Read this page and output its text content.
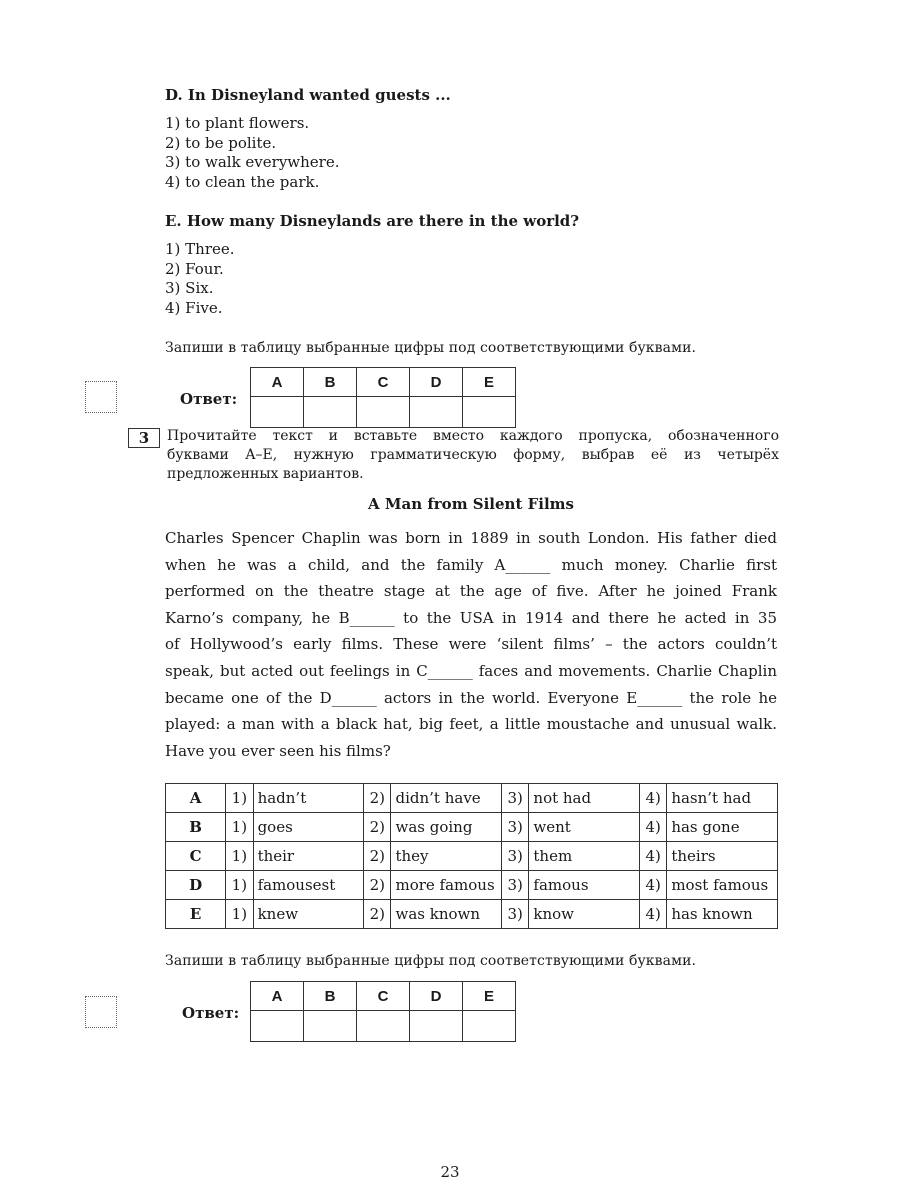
D. In Disneyland wanted guests ...
1) to plant flowers.
2) to be polite.
3) to walk everywhere.
4) to clean the park.
E. How many Disneylands are there in the world?
1) Three.
2) Four.
3) Six.
4) Five.
Запиши в таблицу выбранные цифры под соответствующими буквами.
Ответ:
A	B	C	D	E

3	Прочитайте текст и вставьте вместо каждого пропуска, обозначенного
буквами A–E, нужную грамматическую форму, выбрав её из четырёх
предложенных вариантов.
A Man from Silent Films
Charles Spencer Chaplin was born in 1889 in south London. His father died
when he was a child, and the family A______ much money. Charlie first
performed on the theatre stage at the age of five. After he joined Frank
Karno’s company, he B______ to the USA in 1914 and there he acted in 35
of Hollywood’s early films. These were ‘silent films’ – the actors couldn’t
speak, but acted out feelings in C______ faces and movements. Charlie Chaplin
became one of the D______ actors in the world. Everyone E______ the role he
played: a man with a black hat, big feet, a little moustache and unusual walk.
Have you ever seen his films?
A	1)	hadn’t	2)	didn’t have	3)	not had	4)	hasn’t had
B	1)	goes	2)	was going	3)	went	4)	has gone
C	1)	their	2)	they	3)	them	4)	theirs
D	1)	famousest	2)	more famous	3)	famous	4)	most famous
E	1)	knew	2)	was known	3)	know	4)	has known
Запиши в таблицу выбранные цифры под соответствующими буквами.
Ответ:
A	B	C	D	E

23
